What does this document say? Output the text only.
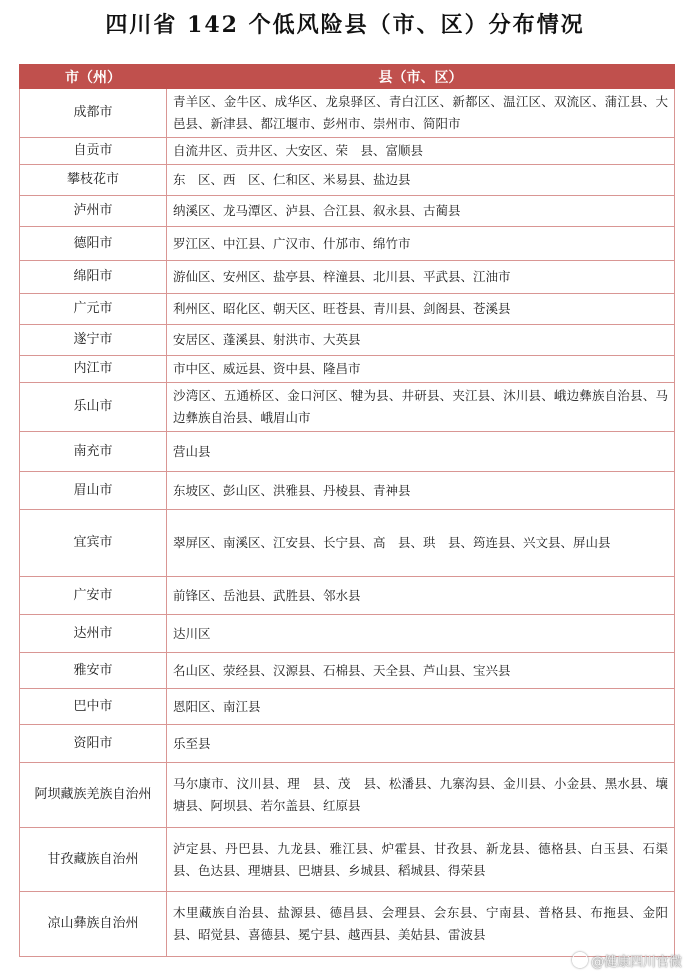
四川省 142 个低风险县（市、区）分布情况
市（州）	县（市、区）
成都市	青羊区、金牛区、成华区、龙泉驿区、青白江区、新都区、温江区、双流区、蒲江县、大邑县、新津县、都江堰市、彭州市、崇州市、简阳市
自贡市	自流井区、贡井区、大安区、荣　县、富顺县
攀枝花市	东　区、西　区、仁和区、米易县、盐边县
泸州市	纳溪区、龙马潭区、泸县、合江县、叙永县、古蔺县
德阳市	罗江区、中江县、广汉市、什邡市、绵竹市
绵阳市	游仙区、安州区、盐亭县、梓潼县、北川县、平武县、江油市
广元市	利州区、昭化区、朝天区、旺苍县、青川县、剑阁县、苍溪县
遂宁市	安居区、蓬溪县、射洪市、大英县
内江市	市中区、威远县、资中县、隆昌市
乐山市	沙湾区、五通桥区、金口河区、犍为县、井研县、夹江县、沐川县、峨边彝族自治县、马边彝族自治县、峨眉山市
南充市	营山县
眉山市	东坡区、彭山区、洪雅县、丹棱县、青神县
宜宾市	翠屏区、南溪区、江安县、长宁县、高　县、珙　县、筠连县、兴文县、屏山县
广安市	前锋区、岳池县、武胜县、邻水县
达州市	达川区
雅安市	名山区、荥经县、汉源县、石棉县、天全县、芦山县、宝兴县
巴中市	恩阳区、南江县
资阳市	乐至县
阿坝藏族羌族自治州	马尔康市、汶川县、理　县、茂　县、松潘县、九寨沟县、金川县、小金县、黑水县、壤塘县、阿坝县、若尔盖县、红原县
甘孜藏族自治州	泸定县、丹巴县、九龙县、雅江县、炉霍县、甘孜县、新龙县、德格县、白玉县、石渠县、色达县、理塘县、巴塘县、乡城县、稻城县、得荣县
凉山彝族自治州	木里藏族自治县、盐源县、德昌县、会理县、会东县、宁南县、普格县、布拖县、金阳县、昭觉县、喜德县、冕宁县、越西县、美姑县、雷波县
@健康四川官微
